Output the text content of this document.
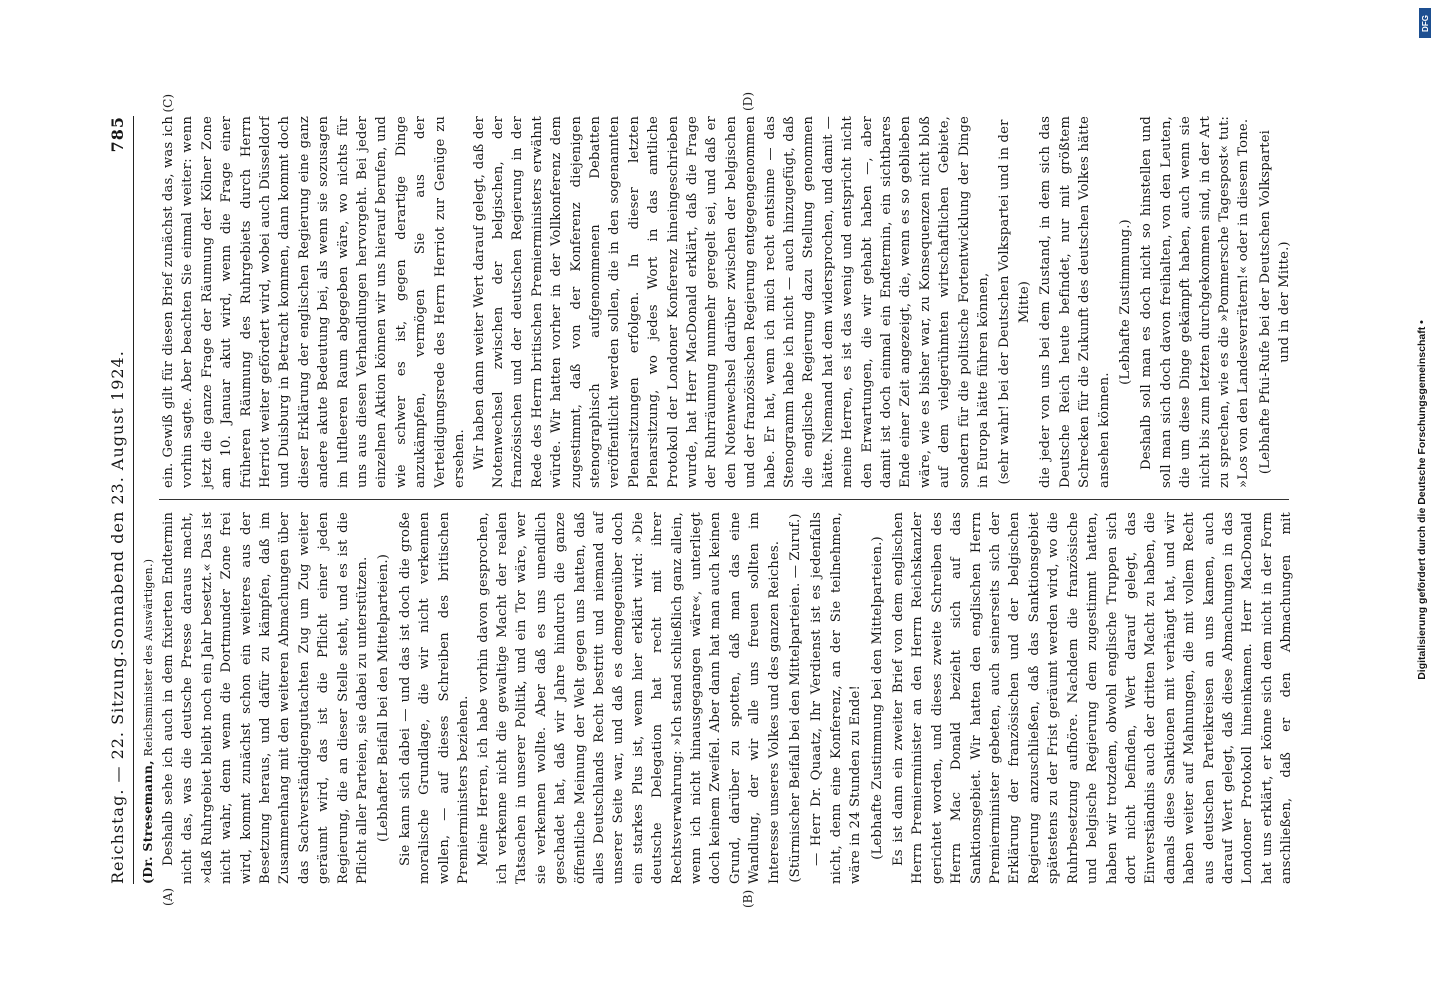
Reichstag. — 22. Sitzung.
Sonnabend den 23. August 1924.
785
(Dr. Stresemann, Reichsminister des Auswärtigen.)
(A)	(B)
(C)	(D)

Deshalb sehe ich auch in dem fixierten Endtermin nicht das, was die deutsche Presse daraus macht, »daß Ruhrgebiet bleibt noch ein Jahr besetzt.« Das ist nicht wahr, denn wenn die Dortmunder Zone frei wird, kommt zunächst schon ein weiteres aus der Besetzung heraus, und dafür zu kämpfen, daß im Zusammenhang mit den weiteren Abmachungen über das Sachverständigengutachten Zug um Zug weiter geräumt wird, das ist die Pflicht einer jeden Regierung, die an dieser Stelle steht, und es ist die Pflicht aller Parteien, sie dabei zu unterstützen. (Lebhafter Beifall bei den Mittelparteien.) Sie kann sich dabei — und das ist doch die große moralische Grundlage, die wir nicht verkennen wollen, — auf dieses Schreiben des britischen Premierministers beziehen. Meine Herren, ich habe vorhin davon gesprochen, ich verkenne nicht die gewaltige Macht der realen Tatsachen in unserer Politik, und ein Tor wäre, wer sie verkennen wollte. Aber daß es uns unendlich geschadet hat, daß wir Jahre hindurch die ganze öffentliche Meinung der Welt gegen uns hatten, daß alles Deutschlands Recht bestritt und niemand auf unserer Seite war, und daß es demgegenüber doch ein starkes Plus ist, wenn hier erklärt wird: »Die deutsche Delegation hat recht mit ihrer Rechtsverwahrung: »Ich stand schließlich ganz allein, wenn ich nicht hinausgegangen wäre«, unterliegt doch keinem Zweifel. Aber dann hat man auch keinen Grund, darüber zu spotten, daß man das eine Wandlung, der wir alle uns freuen sollten im Interesse unseres Volkes und des ganzen Reiches. (Stürmischer Beifall bei den Mittelparteien. — Zuruf.) — Herr Dr. Quaatz, Ihr Verdienst ist es jedenfalls nicht, denn eine Konferenz, an der Sie teilnehmen, wäre in 24 Stunden zu Ende! (Lebhafte Zustimmung bei den Mittelparteien.) Es ist dann ein zweiter Brief von dem englischen Herrn Premierminister an den Herrn Reichskanzler gerichtet worden, und dieses zweite Schreiben des Herrn Mac Donald bezieht sich auf das Sanktionsgebiet. Wir hatten den englischen Herrn Premierminister gebeten, auch seinerseits sich der Erklärung der französischen und der belgischen Regierung anzuschließen, daß das Sanktionsgebiet spätestens zu der Frist geräumt werden wird, wo die Ruhrbesetzung aufhöre. Nachdem die französische und belgische Regierung dem zugestimmt hatten, haben wir trotzdem, obwohl englische Truppen sich dort nicht befinden, Wert darauf gelegt, das Einverständnis auch der dritten Macht zu haben, die damals diese Sanktionen mit verhängt hat, und wir haben weiter auf Mahnungen, die mit vollem Recht aus deutschen Parteikreisen an uns kamen, auch darauf Wert gelegt, daß diese Abmachungen in das Londoner Protokoll hineinkamen. Herr MacDonald hat uns erklärt, er könne sich dem nicht in der Form anschließen, daß er den Abmachungen mit

ein. Gewiß gilt für diesen Brief zunächst das, was ich vorhin sagte. Aber beachten Sie einmal weiter: wenn jetzt die ganze Frage der Räumung der Kölner Zone am 10. Januar akut wird, wenn die Frage einer früheren Räumung des Ruhrgebiets durch Herrn Herriot weiter gefördert wird, wobei auch Düsseldorf und Duisburg in Betracht kommen, dann kommt doch dieser Erklärung der englischen Regierung eine ganz andere akute Bedeutung bei, als wenn sie sozusagen im luftleeren Raum abgegeben wäre, wo nichts für uns aus diesen Verhandlungen hervorgeht. Bei jeder einzelnen Aktion können wir uns hierauf berufen, und wie schwer es ist, gegen derartige Dinge anzukämpfen, vermögen Sie aus der Verteidigungsrede des Herrn Herriot zur Genüge zu ersehen. Wir haben dann weiter Wert darauf gelegt, daß der Notenwechsel zwischen der belgischen, der französischen und der deutschen Regierung in der Rede des Herrn britischen Premierministers erwähnt würde. Wir hatten vorher in der Vollkonferenz dem zugestimmt, daß von der Konferenz diejenigen stenographisch aufgenommenen Debatten veröffentlicht werden sollen, die in den sogenannten Plenarsitzungen erfolgen. In dieser letzten Plenarsitzung, wo jedes Wort in das amtliche Protokoll der Londoner Konferenz hineingeschrieben wurde, hat Herr MacDonald erklärt, daß die Frage der Ruhrräumung nunmehr geregelt sei, und daß er den Notenwechsel darüber zwischen der belgischen und der französischen Regierung entgegengenommen habe. Er hat, wenn ich mich recht entsinne — das Stenogramm habe ich nicht — auch hinzugefügt, daß die englische Regierung dazu Stellung genommen hätte. Niemand hat dem widersprochen, und damit — meine Herren, es ist das wenig und entspricht nicht den Erwartungen, die wir gehabt haben —, aber damit ist doch einmal ein Endtermin, ein sichtbares Ende einer Zeit angezeigt, die, wenn es so geblieben wäre, wie es bisher war, zu Konsequenzen nicht bloß auf dem vielgerühmten wirtschaftlichen Gebiete, sondern für die politische Fortentwicklung der Dinge in Europa hätte führen können, (sehr wahr! bei der Deutschen Volkspartei und in der Mitte) die jeder von uns bei dem Zustand, in dem sich das Deutsche Reich heute befindet, nur mit größtem Schrecken für die Zukunft des deutschen Volkes hätte ansehen können.

(Lebhafte Zustimmung.) Deshalb soll man es doch nicht so hinstellen und soll man sich doch davon freihalten, von den Leuten, die um diese Dinge gekämpft haben, auch wenn sie nicht bis zum letzten durchgekommen sind, in der Art zu sprechen, wie es die »Pommersche Tagespost« tut: »Los von den Landesverrätern!« oder in diesem Tone. (Lebhafte Pfui-Rufe bei der Deutschen Volkspartei und in der Mitte.)

Digitalisierung gefördert durch die Deutsche Forschungsgemeinschaft •
DFG
